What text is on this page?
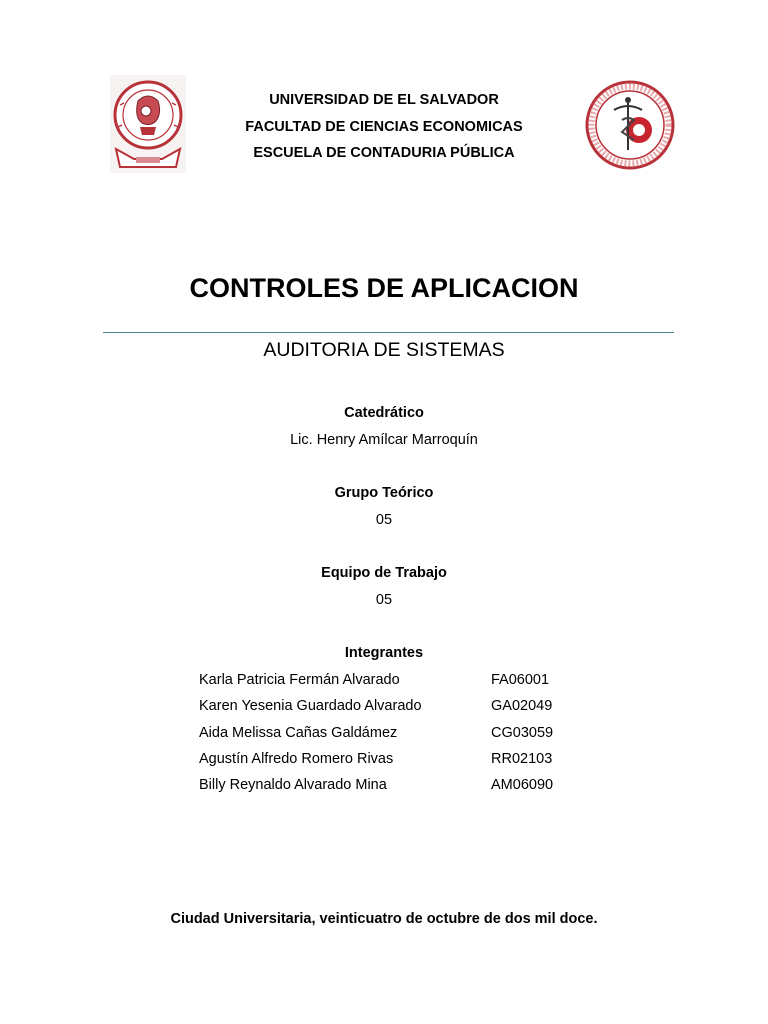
UNIVERSIDAD DE EL SALVADOR
FACULTAD DE CIENCIAS ECONOMICAS
ESCUELA DE CONTADURIA PÚBLICA
CONTROLES DE APLICACION
AUDITORIA DE SISTEMAS
Catedrático
Lic. Henry Amílcar Marroquín
Grupo Teórico
05
Equipo de Trabajo
05
Integrantes
Karla Patricia Fermán Alvarado	FA06001
Karen Yesenia Guardado Alvarado	GA02049
Aida Melissa Cañas Galdámez	CG03059
Agustín Alfredo Romero Rivas	RR02103
Billy Reynaldo Alvarado Mina	AM06090
Ciudad Universitaria, veinticuatro de octubre de dos mil doce.
